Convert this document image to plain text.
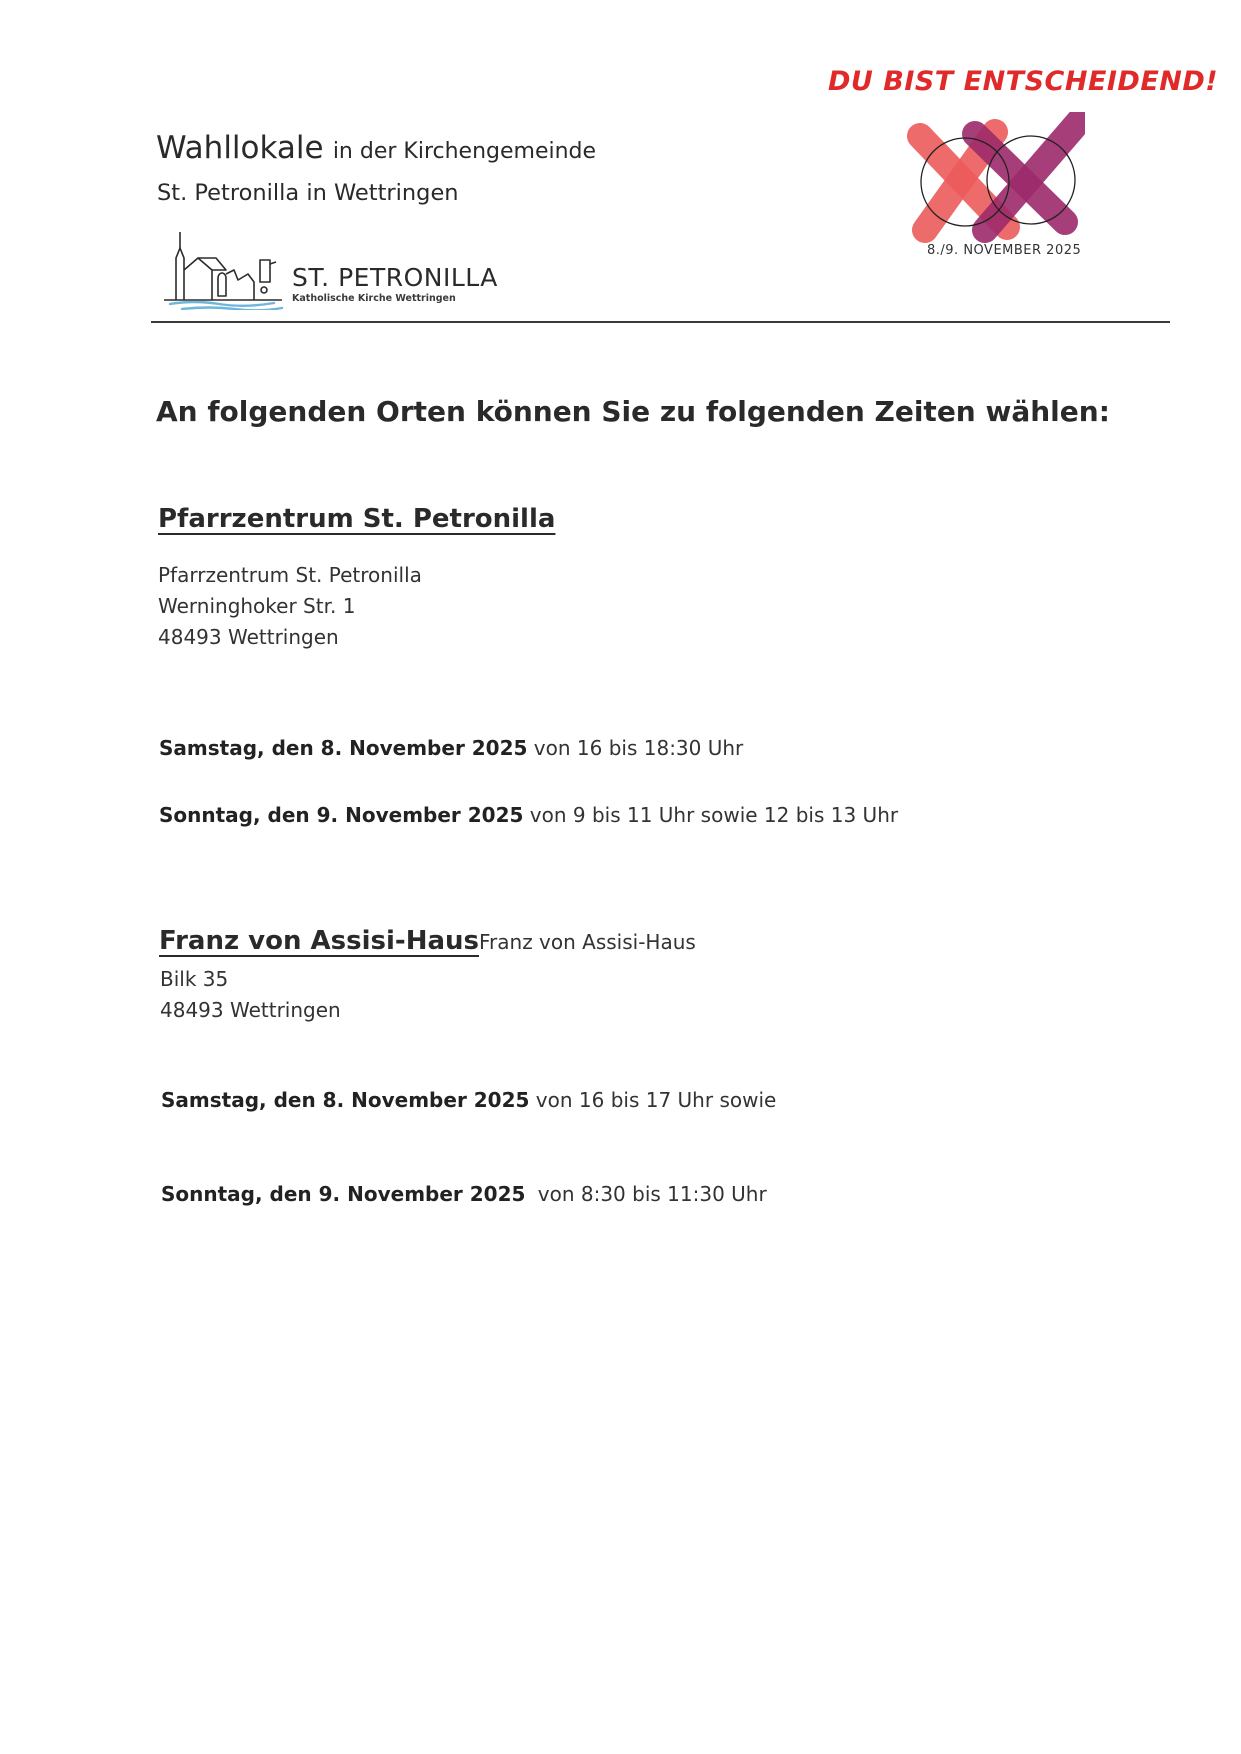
Wahllokale in der Kirchengemeinde
St. Petronilla in Wettringen
ST. PETRONILLA
Katholische Kirche Wettringen
DU BIST ENTSCHEIDEND!
8./9. NOVEMBER 2025
An folgenden Orten können Sie zu folgenden Zeiten wählen:
Pfarrzentrum St. Petronilla
Pfarrzentrum St. Petronilla
Werninghoker Str. 1
48493 Wettringen
Samstag, den 8. November 2025 von 16 bis 18:30 Uhr
Sonntag, den 9. November 2025 von 9 bis 11 Uhr sowie 12 bis 13 Uhr
Franz von Assisi-HausFranz von Assisi-Haus
Bilk 35
48493 Wettringen
Samstag, den 8. November 2025 von 16 bis 17 Uhr sowie
Sonntag, den 9. November 2025 von 8:30 bis 11:30 Uhr
